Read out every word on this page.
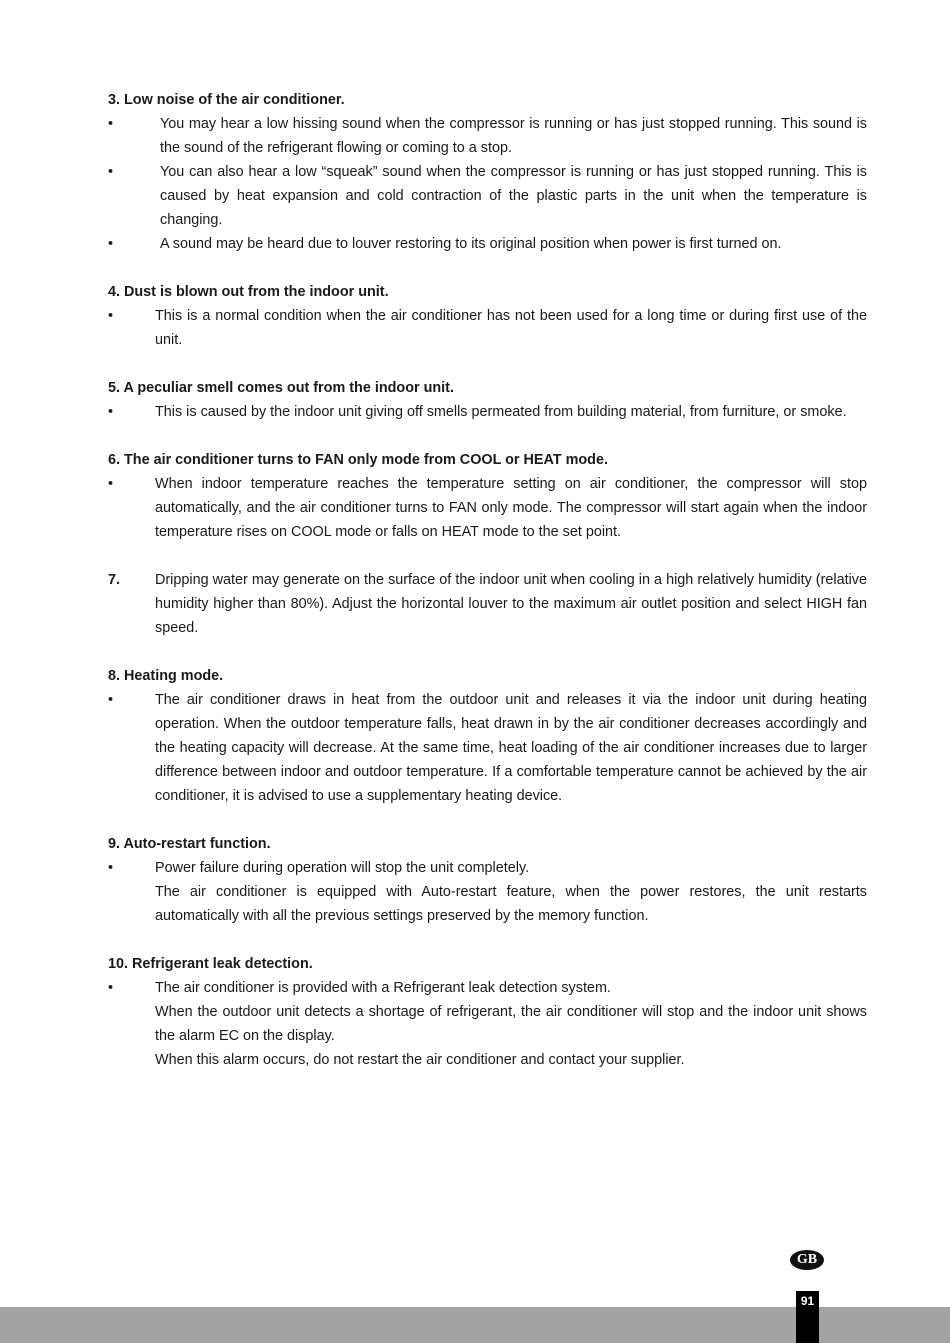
3. Low noise of the air conditioner.
•	You may hear a low hissing sound when the compressor is running or has just stopped running. This sound is the sound of the refrigerant flowing or coming to a stop.
•	You can also hear a low “squeak” sound when the compressor is running or has just stopped running. This is caused by heat expansion and cold contraction of the plastic parts in the unit when the temperature is changing.
•	A sound may be heard due to louver restoring to its original position when power is first turned on.
4. Dust is blown out from the indoor unit.
•	This is a normal condition when the air conditioner has not been used for a long time or during first use of the unit.
5. A peculiar smell comes out from the indoor unit.
•	This is caused by the indoor unit giving off smells permeated from building material, from furniture, or smoke.
6. The air conditioner turns to FAN only mode from COOL or HEAT mode.
•	When indoor temperature reaches the temperature setting on air conditioner, the compressor will stop automatically, and the air conditioner turns to FAN only mode. The compressor will start again when the indoor temperature rises on COOL mode or falls on HEAT mode to the set point.
7.	Dripping water may generate on the surface of the indoor unit when cooling in a high relatively humidity (relative humidity higher than 80%). Adjust the horizontal louver to the maximum air outlet position and select HIGH fan speed.
8. Heating mode.
•	The air conditioner draws in heat from the outdoor unit and releases it via the indoor unit during heating operation. When the outdoor temperature falls, heat drawn in by the air conditioner decreases accordingly and the heating capacity will decrease. At the same time, heat loading of the air conditioner increases due to larger difference between indoor and outdoor temperature. If a comfortable temperature cannot be achieved by the air conditioner, it is advised to use a supplementary heating device.
9. Auto-restart function.
•	Power failure during operation will stop the unit completely.
The air conditioner is equipped with Auto-restart feature, when the power restores, the unit restarts automatically with all the previous settings preserved by the memory function.
10. Refrigerant leak detection.
•	The air conditioner is provided with a Refrigerant leak detection system.
When the outdoor unit detects a shortage of refrigerant, the air conditioner will stop and the indoor unit shows the alarm EC on the display.
When this alarm occurs, do not restart the air conditioner and contact your supplier.
GB
91
